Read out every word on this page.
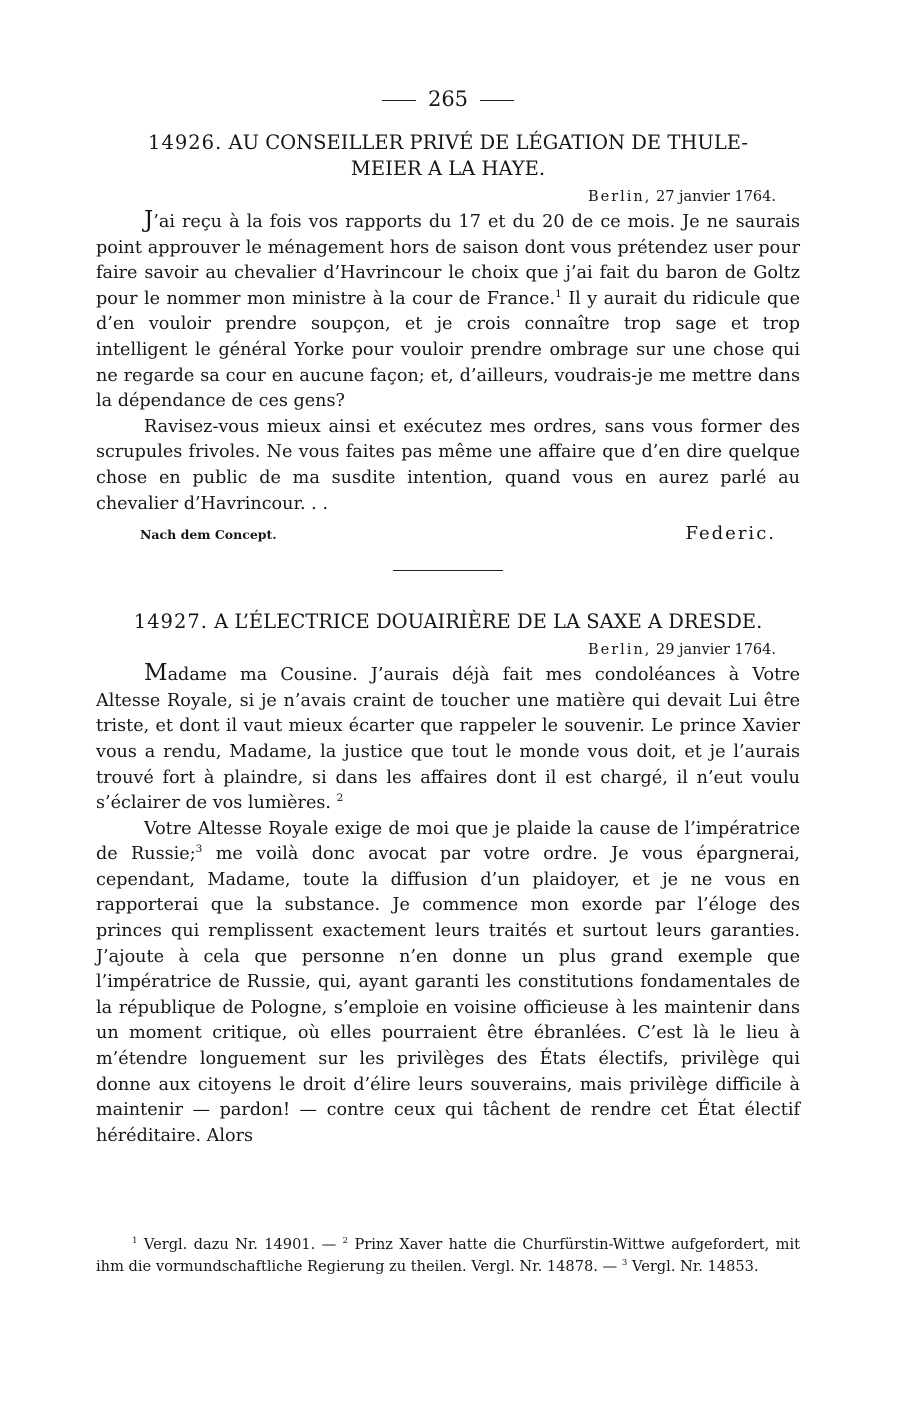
265
14926. AU CONSEILLER PRIVÉ DE LÉGATION DE THULE-
MEIER A LA HAYE.
Berlin, 27 janvier 1764.

J’ai reçu à la fois vos rapports du 17 et du 20 de ce mois. Je ne saurais point approuver le ménagement hors de saison dont vous prétendez user pour faire savoir au chevalier d’Havrincour le choix que j’ai fait du baron de Goltz pour le nommer mon ministre à la cour de France.$^1$ Il y aurait du ridicule que d’en vouloir prendre soupçon, et je crois connaître trop sage et trop intelligent le général Yorke pour vouloir prendre ombrage sur une chose qui ne regarde sa cour en aucune façon; et, d’ailleurs, voudrais-je me mettre dans la dépendance de ces gens?

Ravisez-vous mieux ainsi et exécutez mes ordres, sans vous former des scrupules frivoles. Ne vous faites pas même une affaire que d’en dire quelque chose en public de ma susdite intention, quand vous en aurez parlé au chevalier d’Havrincour. . .

Nach dem Concept.	Federic.
14927. A L’ÉLECTRICE DOUAIRIÈRE DE LA SAXE A DRESDE.
Berlin, 29 janvier 1764.

Madame ma Cousine. J’aurais déjà fait mes condoléances à Votre Altesse Royale, si je n’avais craint de toucher une matière qui devait Lui être triste, et dont il vaut mieux écarter que rappeler le souvenir. Le prince Xavier vous a rendu, Madame, la justice que tout le monde vous doit, et je l’aurais trouvé fort à plaindre, si dans les affaires dont il est chargé, il n’eut voulu s’éclairer de vos lumières. $^2$

Votre Altesse Royale exige de moi que je plaide la cause de l’impératrice de Russie;$^3$ me voilà donc avocat par votre ordre. Je vous épargnerai, cependant, Madame, toute la diffusion d’un plaidoyer, et je ne vous en rapporterai que la substance. Je commence mon exorde par l’éloge des princes qui remplissent exactement leurs traités et surtout leurs garanties. J’ajoute à cela que personne n’en donne un plus grand exemple que l’impératrice de Russie, qui, ayant garanti les constitutions fondamentales de la république de Pologne, s’emploie en voisine officieuse à les maintenir dans un moment critique, où elles pourraient être ébranlées. C’est là le lieu à m’étendre longuement sur les privilèges des États électifs, privilège qui donne aux citoyens le droit d’élire leurs souverains, mais privilège difficile à maintenir — pardon! — contre ceux qui tâchent de rendre cet État électif héréditaire. Alors

$^1$ Vergl. dazu Nr. 14901. — $^2$ Prinz Xaver hatte die Churfürstin-Wittwe aufgefordert, mit ihm die vormundschaftliche Regierung zu theilen. Vergl. Nr. 14878. — $^3$ Vergl. Nr. 14853.
